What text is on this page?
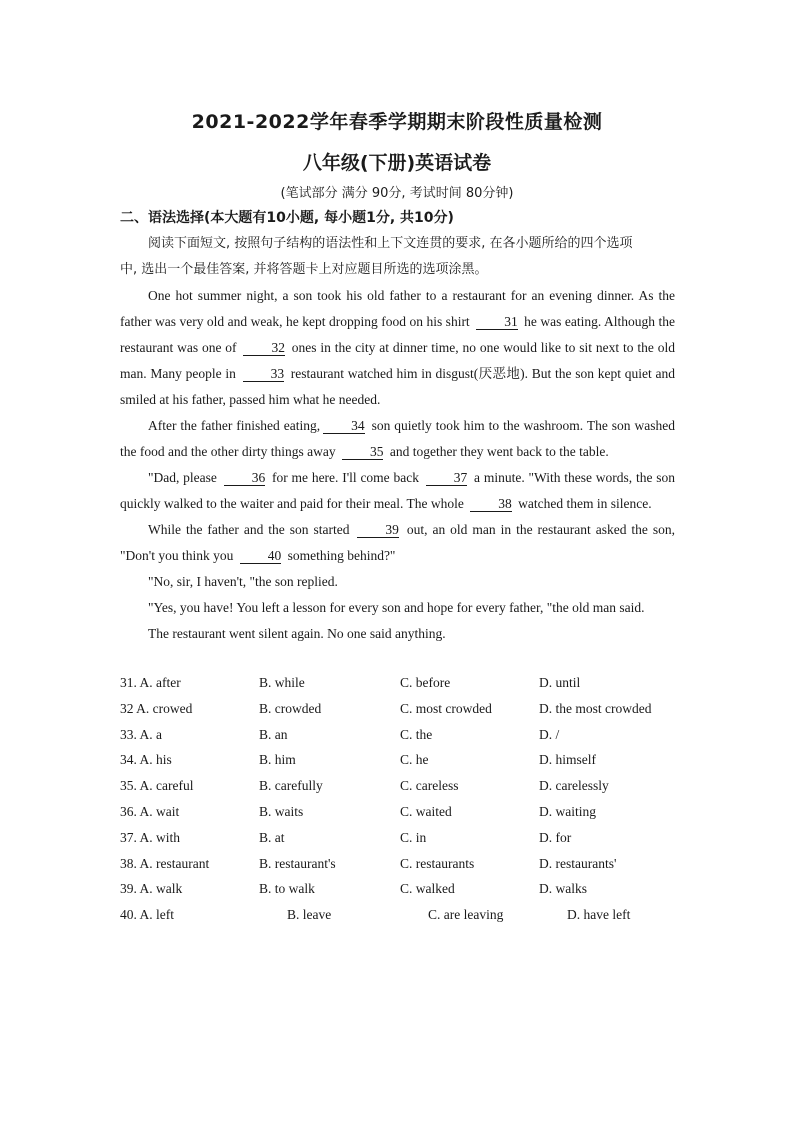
2021-2022学年春季学期期末阶段性质量检测
八年级(下册)英语试卷
(笔试部分 满分 90分, 考试时间 80分钟)
二、语法选择(本大题有10小题, 每小题1分, 共10分)
阅读下面短文, 按照句子结构的语法性和上下文连贯的要求, 在各小题所给的四个选项
中, 选出一个最佳答案, 并将答题卡上对应题目所选的选项涂黑。

One hot summer night, a son took his old father to a restaurant for an evening dinner. As the father was very old and weak, he kept dropping food on his shirt 31 he was eating. Although the restaurant was one of 32 ones in the city at dinner time, no one would like to sit next to the old man. Many people in 33 restaurant watched him in disgust(厌恶地). But the son kept quiet and smiled at his father, passed him what he needed.

After the father finished eating, 34 son quietly took him to the washroom. The son washed the food and the other dirty things away 35 and together they went back to the table.

"Dad, please 36 for me here. I'll come back 37 a minute. "With these words, the son quickly walked to the waiter and paid for their meal. The whole 38 watched them in silence.

While the father and the son started 39 out, an old man in the restaurant asked the son, "Don't you think you 40 something behind?"

"No, sir, I haven't, "the son replied.

"Yes, you have! You left a lesson for every son and hope for every father, "the old man said.

The restaurant went silent again. No one said anything.

31. A. after	B. while	C. before	D. until
32 A. crowed	B. crowded	C. most crowded	D. the most crowded
33. A. a	B. an	C. the	D. /
34. A. his	B. him	C. he	D. himself
35. A. careful	B. carefully	C. careless	D. carelessly
36. A. wait	B. waits	C. waited	D. waiting
37. A. with	B. at	C. in	D. for
38. A. restaurant	B. restaurant's	C. restaurants	D. restaurants'
39. A. walk	B. to walk	C. walked	D. walks
40. A. left	B. leave	C. are leaving	D. have left
